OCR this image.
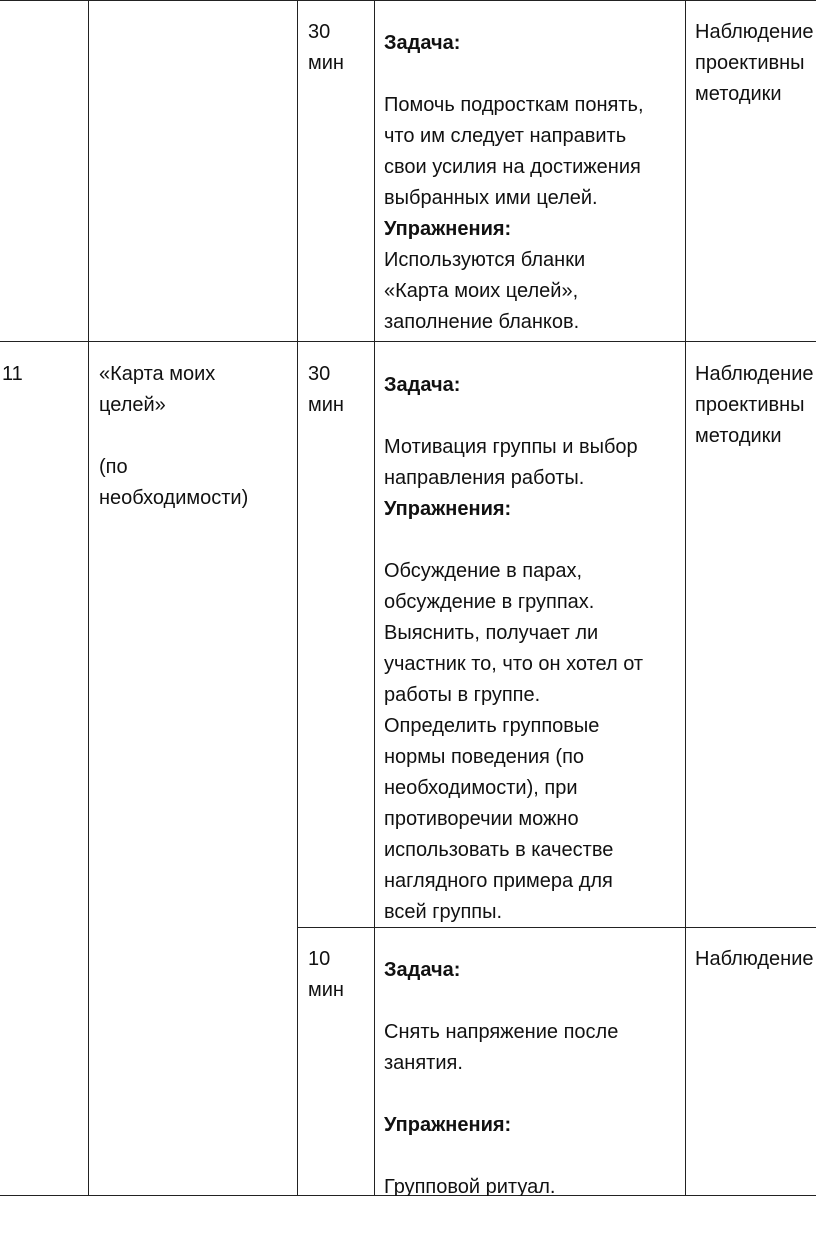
30
мин
Задача:
Помочь подросткам понять,
что им следует направить
свои усилия на достижения
выбранных ими целей.
Упражнения:
Используются бланки
«Карта моих целей»,
заполнение бланков.
Наблюдение
проективны
методики
11	«Карта моих
целей»
(по
необходимости)
30
мин
Задача:
Мотивация группы и выбор
направления работы.
Упражнения:
Обсуждение в парах,
обсуждение в группах.
Выяснить, получает ли
участник то, что он хотел от
работы в группе.
Определить групповые
нормы поведения (по
необходимости), при
противоречии можно
использовать в качестве
наглядного примера для
всей группы.
Наблюдение
проективны
методики
10
мин
Задача:
Снять напряжение после
занятия.
Упражнения:
Групповой ритуал.
Наблюдение
